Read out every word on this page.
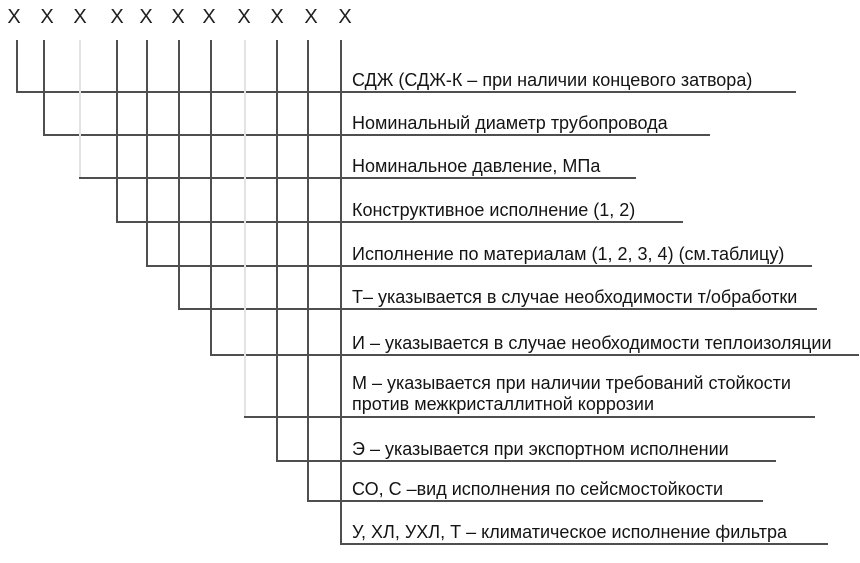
Х
СДЖ (СДЖ-К – при наличии концевого затвора)
Х
Номинальный диаметр трубопровода
Х
Номинальное давление, МПа
Х
Конструктивное исполнение (1, 2)
Х
Исполнение по материалам (1, 2, 3, 4) (см.таблицу)
Х
Т– указывается в случае необходимости т/обработки
Х
И – указывается в случае необходимости теплоизоляции
Х
М – указывается при наличии требований стойкости против межкристаллитной коррозии
Х
Э – указывается при экспортном исполнении
Х
СО, С –вид исполнения по сейсмостойкости
Х
У, ХЛ, УХЛ, Т – климатическое исполнение фильтра
